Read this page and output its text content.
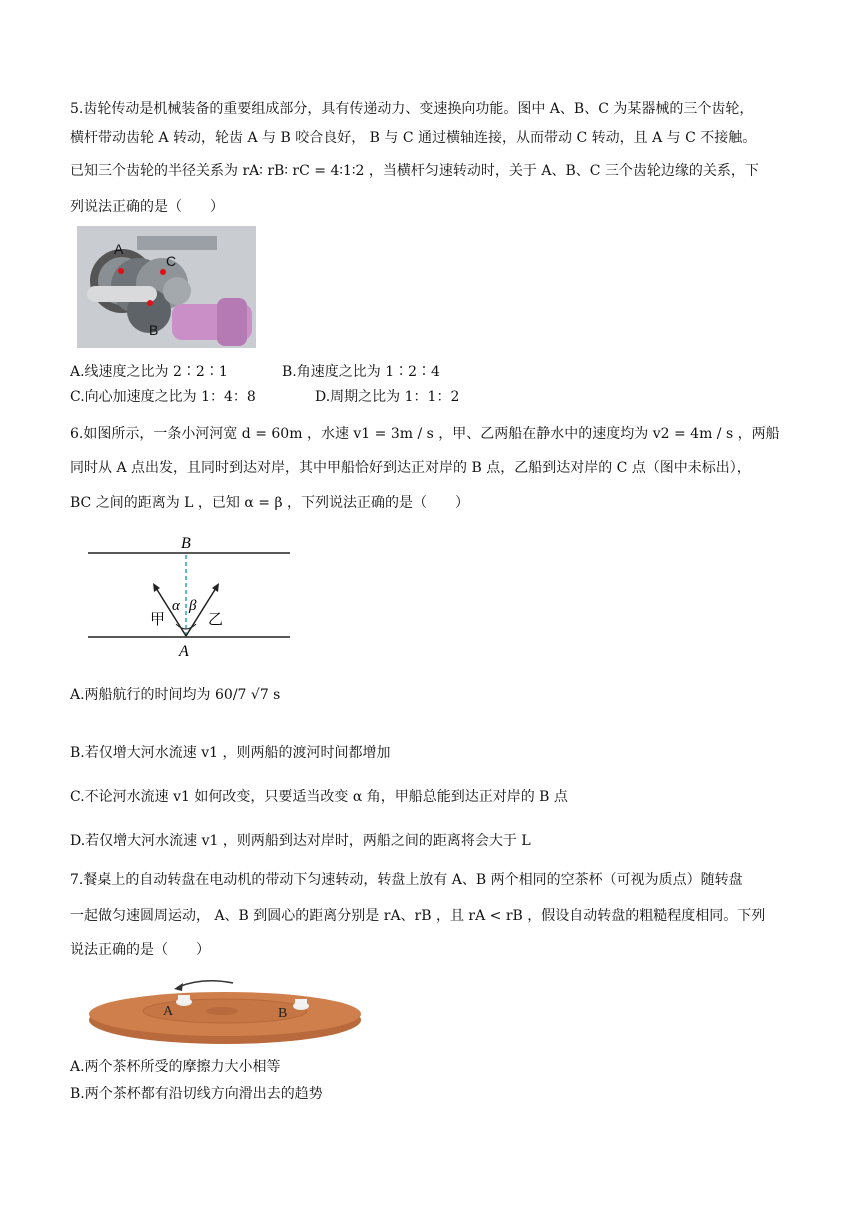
5.齿轮传动是机械装备的重要组成部分，具有传递动力、变速换向功能。图中 A、B、C 为某器械的三个齿轮，
横杆带动齿轮 A 转动，轮齿 A 与 B 咬合良好， B 与 C 通过横轴连接，从而带动 C 转动，且 A 与 C 不接触。
已知三个齿轮的半径关系为 rA∶ rB∶ rC = 4∶1∶2 ，当横杆匀速转动时，关于 A、B、C 三个齿轮边缘的关系，下
列说法正确的是（　　）
A
C
B
A.线速度之比为 2∶2∶1	B.角速度之比为 1∶2∶4
C.向心加速度之比为 1：4：8	D.周期之比为 1：1：2
6.如图所示，一条小河河宽 d = 60m ，水速 v1 = 3m / s ，甲、乙两船在静水中的速度均为 v2 = 4m / s ，两船
同时从 A 点出发，且同时到达对岸，其中甲船恰好到达正对岸的 B 点，乙船到达对岸的 C 点（图中未标出），
BC 之间的距离为 L ，已知 α = β ，下列说法正确的是（　　）
B
甲
α β
乙
A
A.两船航行的时间均为 60/7 √7 s
B.若仅增大河水流速 v1 ，则两船的渡河时间都增加
C.不论河水流速 v1 如何改变，只要适当改变 α 角，甲船总能到达正对岸的 B 点
D.若仅增大河水流速 v1 ，则两船到达对岸时，两船之间的距离将会大于 L
7.餐桌上的自动转盘在电动机的带动下匀速转动，转盘上放有 A、B 两个相同的空茶杯（可视为质点）随转盘
一起做匀速圆周运动， A、B 到圆心的距离分别是 rA、rB ，且 rA < rB ，假设自动转盘的粗糙程度相同。下列
说法正确的是（　　）
A	B
A.两个茶杯所受的摩擦力大小相等
B.两个茶杯都有沿切线方向滑出去的趋势
